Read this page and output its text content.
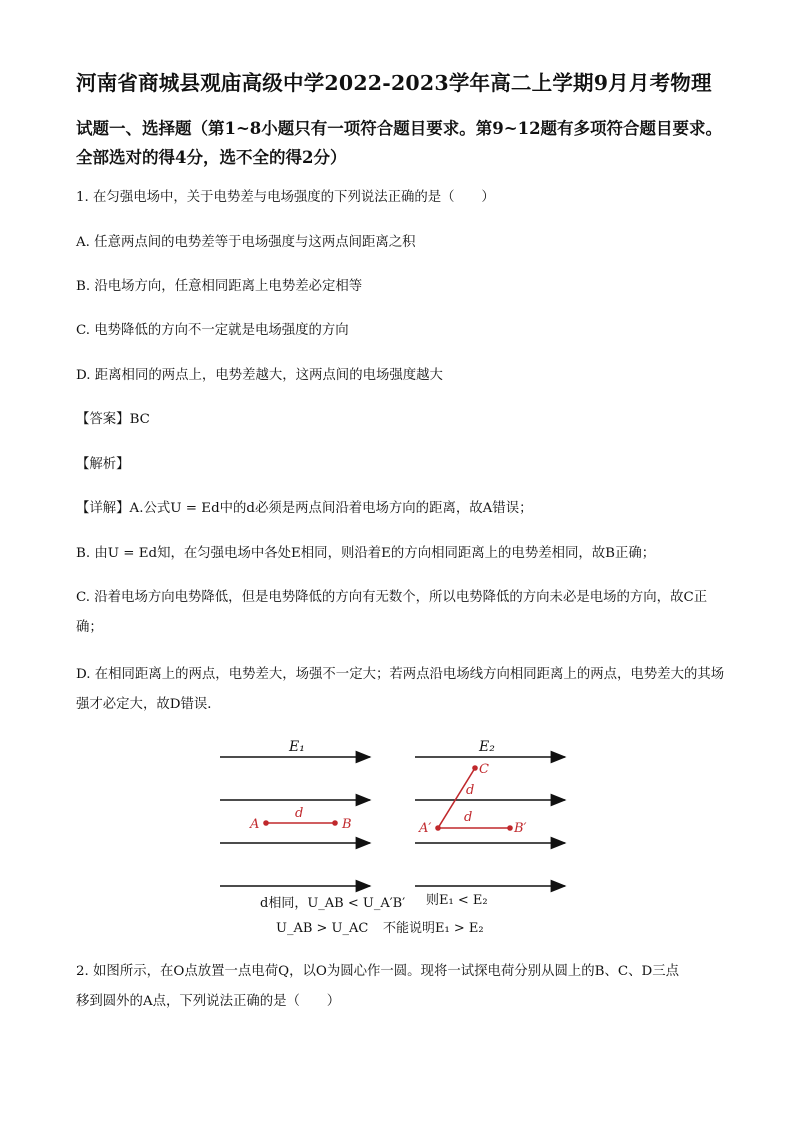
河南省商城县观庙高级中学2022-2023学年高二上学期9月月考物理
试题一、选择题（第1~8小题只有一项符合题目要求。第9~12题有多项符合题目要求。全部选对的得4分，选不全的得2分）
1. 在匀强电场中，关于电势差与电场强度的下列说法正确的是（　　）
A. 任意两点间的电势差等于电场强度与这两点间距离之积
B. 沿电场方向，任意相同距离上电势差必定相等
C. 电势降低的方向不一定就是电场强度的方向
D. 距离相同的两点上，电势差越大，这两点间的电场强度越大
【答案】BC
【解析】
【详解】A.公式U = Ed中的d必须是两点间沿着电场方向的距离，故A错误；
B. 由U = Ed知，在匀强电场中各处E相同，则沿着E的方向相同距离上的电势差相同，故B正确；
C. 沿着电场方向电势降低，但是电势降低的方向有无数个，所以电势降低的方向未必是电场的方向，故C正确；
D. 在相同距离上的两点，电势差大，场强不一定大；若两点沿电场线方向相同距离上的两点，电势差大的其场强才必定大，故D错误．
E₁	E₂
d
A	B
C
d
d
A′	B′
d相同，U_AB < U_A′B′ 则E₁ < E₂
U_AB > U_AC 不能说明E₁ > E₂
2. 如图所示，在O点放置一点电荷Q，以O为圆心作一圆。现将一试探电荷分别从圆上的B、C、D三点
移到圆外的A点，下列说法正确的是（　　）
